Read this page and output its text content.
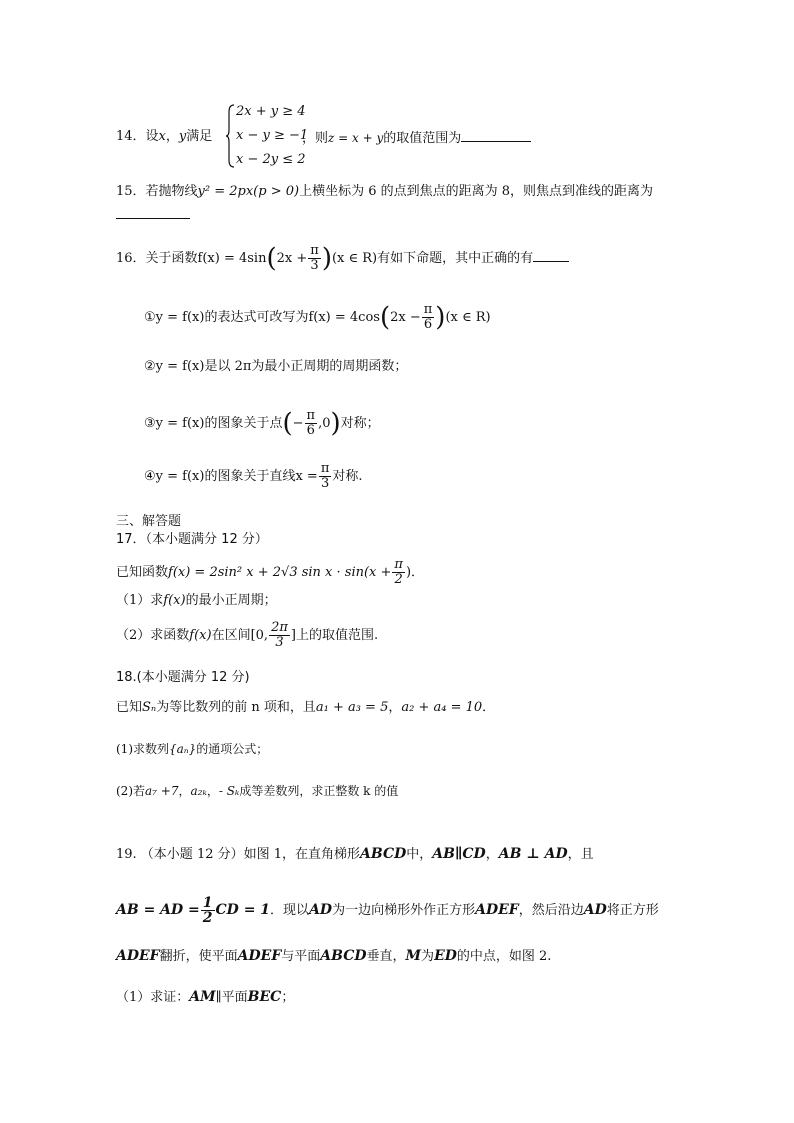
14．设x，y满足
2x + y ≥ 4
x − y ≥ −1
x − 2y ≤ 2
，则z = x + y的取值范围为
15．若抛物线y² = 2px(p > 0)上横坐标为 6 的点到焦点的距离为 8，则焦点到准线的距离为
16．关于函数$f(x) = 4\sin(2x + \frac{\pi}{3} )(x$ ∈ R)有如下命题，其中正确的有
①y = f(x)的表达式可改写为$f(x) = 4\cos(2x - \frac{\pi}{6} )(x$ ∈ R)
②y = f(x)是以 2π为最小正周期的周期函数；
③y = f(x)的图象关于点(− $\frac{\pi}{6} ,0$)对称；
④y = f(x)的图象关于直线$x = \frac{\pi}{3}$ 对称.
三、解答题
17．（本小题满分 12 分）
已知函数f(x) = 2sin² x + 2√3 $\sin x \cdot \sin(x + \frac{\pi}{2}$ )．
（1）求f(x)的最小正周期；
（2）求函数f(x)在区间[0, $\frac{2\pi}{3}$ ]上的取值范围.
18.(本小题满分 12 分)
已知Sₙ为等比数列的前 n 项和，且a₁ + a₃ = 5，a₂ + a₄ = 10．
(1)求数列{aₙ}的通项公式；
(2)若a₇ +7，a₂ₖ，- Sₖ成等差数列，求正整数 k 的值
19. （本小题 12 分）如图 1，在直角梯形ABCD中，AB∥CD，AB ⊥ AD，且
AB = AD = $\frac{1}{2}$ CD = 1．现以AD为一边向梯形外作正方形ADEF，然后沿边AD将正方形
ADEF翻折，使平面ADEF与平面ABCD垂直，M为ED的中点，如图 2.
（1）求证：AM∥平面BEC；
